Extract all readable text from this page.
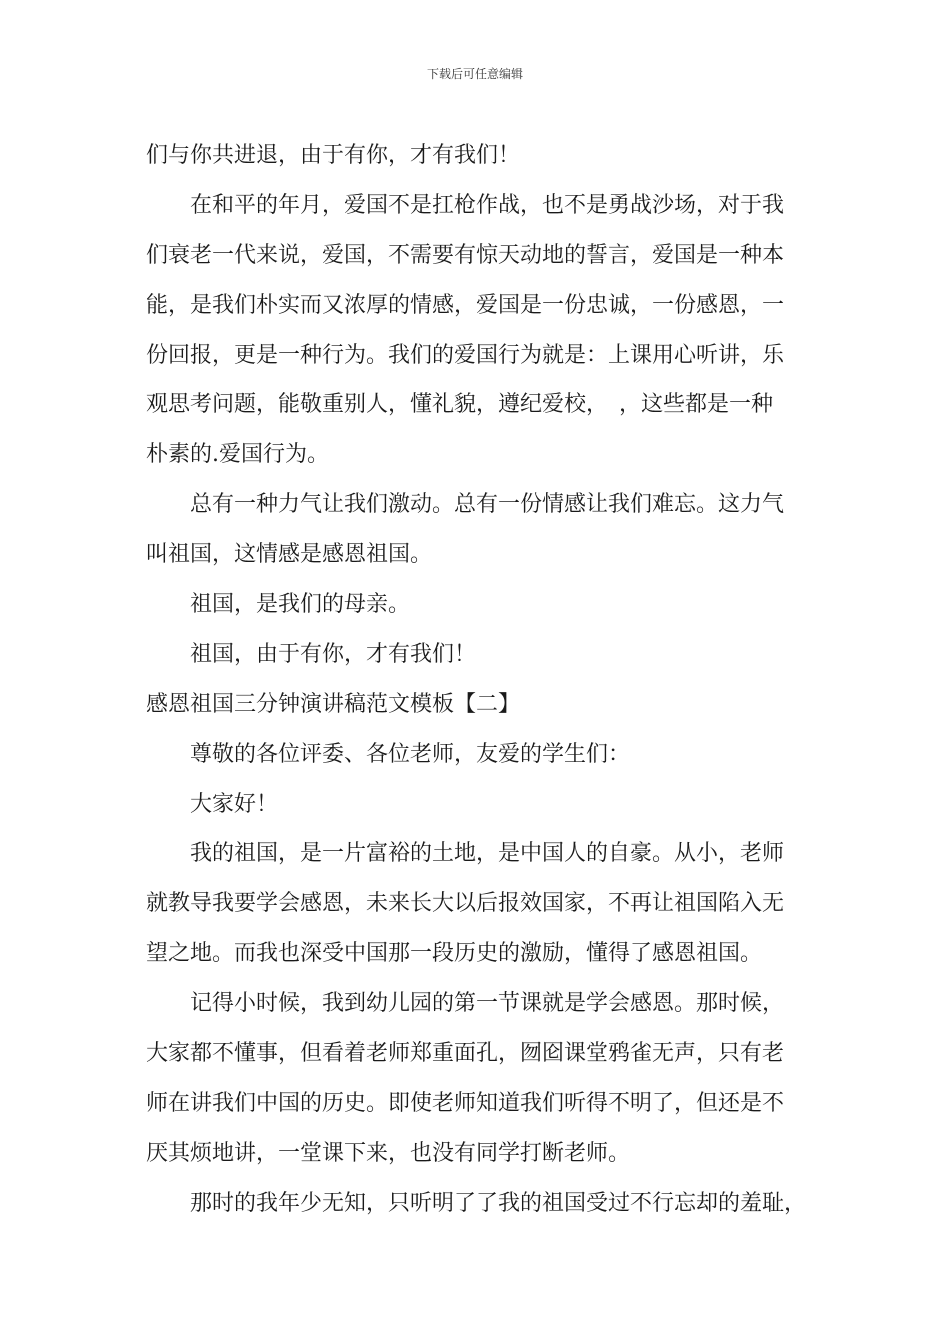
下载后可任意编辑
们与你共进退，由于有你，才有我们！
在和平的年月，爱国不是扛枪作战，也不是勇战沙场，对于我
们衰老一代来说，爱国，不需要有惊天动地的誓言，爱国是一种本
能，是我们朴实而又浓厚的情感，爱国是一份忠诚，一份感恩，一
份回报，更是一种行为。我们的爱国行为就是：上课用心听讲，乐
观思考问题，能敬重别人，懂礼貌，遵纪爱校，　，这些都是一种
朴素的.爱国行为。
总有一种力气让我们激动。总有一份情感让我们难忘。这力气
叫祖国，这情感是感恩祖国。
祖国，是我们的母亲。
祖国，由于有你，才有我们！
感恩祖国三分钟演讲稿范文模板【二】
尊敬的各位评委、各位老师，友爱的学生们：
大家好！
我的祖国，是一片富裕的土地，是中国人的自豪。从小，老师
就教导我要学会感恩，未来长大以后报效国家，不再让祖国陷入无
望之地。而我也深受中国那一段历史的激励，懂得了感恩祖国。
记得小时候，我到幼儿园的第一节课就是学会感恩。那时候，
大家都不懂事，但看着老师郑重面孔，囫囵课堂鸦雀无声，只有老
师在讲我们中国的历史。即使老师知道我们听得不明了，但还是不
厌其烦地讲，一堂课下来，也没有同学打断老师。
那时的我年少无知，只听明了了我的祖国受过不行忘却的羞耻，
